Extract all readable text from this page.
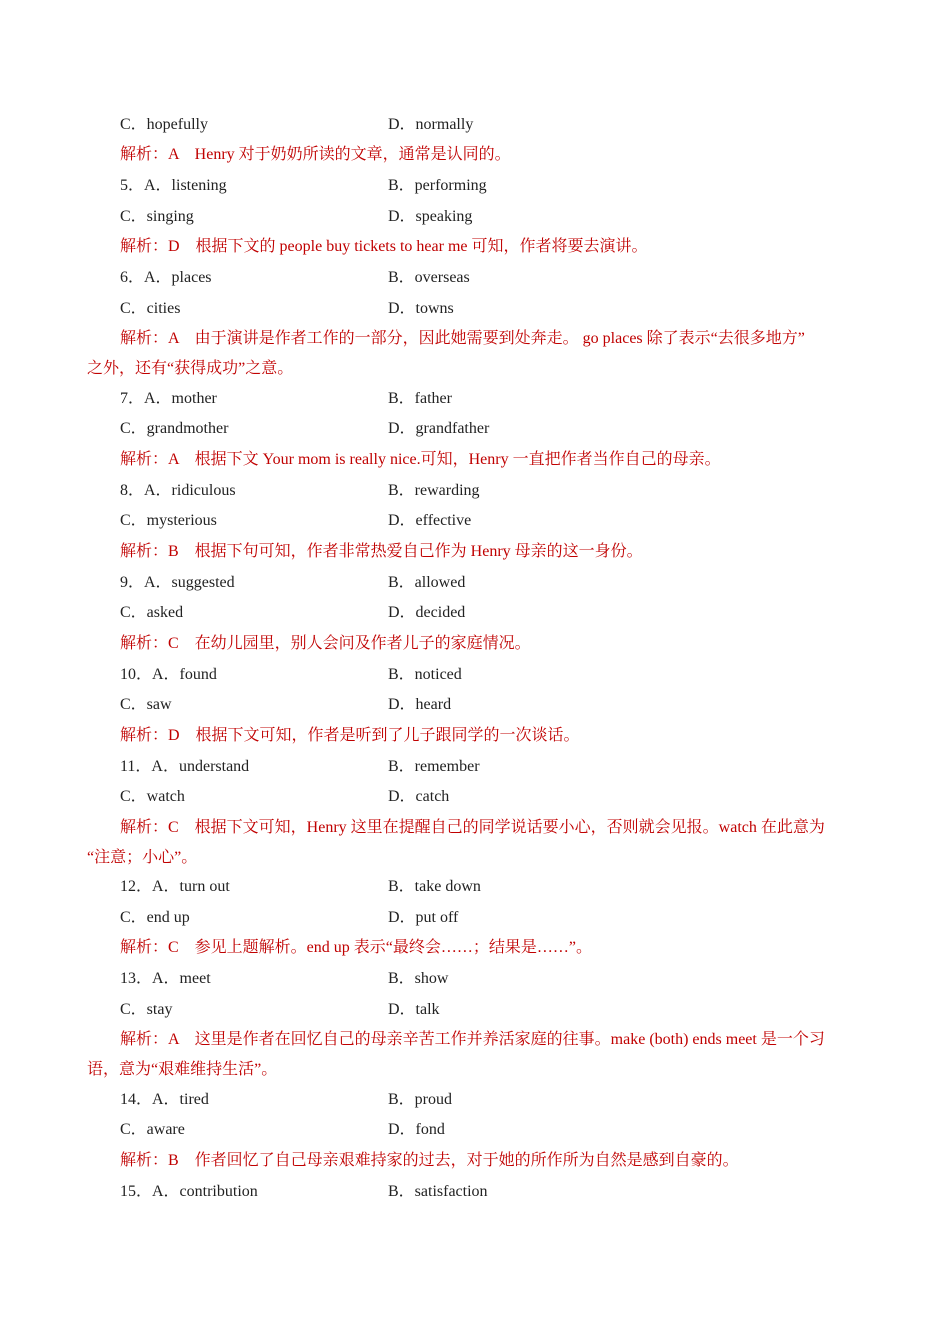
C．hopefully	D．normally
解析：A　Henry 对于奶奶所读的文章，通常是认同的。
5．A．listening	B．performing
C．singing	D．speaking
解析：D　根据下文的 people buy tickets to hear me 可知，作者将要去演讲。
6．A．places	B．overseas
C．cities	D．towns
解析：A　由于演讲是作者工作的一部分，因此她需要到处奔走。 go places 除了表示“去很多地方”
之外，还有“获得成功”之意。
7．A．mother	B．father
C．grandmother	D．grandfather
解析：A　根据下文 Your mom is really nice.可知，Henry 一直把作者当作自己的母亲。
8．A．ridiculous	B．rewarding
C．mysterious	D．effective
解析：B　根据下句可知，作者非常热爱自己作为 Henry 母亲的这一身份。
9．A．suggested	B．allowed
C．asked	D．decided
解析：C　在幼儿园里，别人会问及作者儿子的家庭情况。
10．A．found	B．noticed
C．saw	D．heard
解析：D　根据下文可知，作者是听到了儿子跟同学的一次谈话。
11．A．understand	B．remember
C．watch	D．catch
解析：C　根据下文可知，Henry 这里在提醒自己的同学说话要小心，否则就会见报。watch 在此意为
“注意；小心”。
12．A．turn out	B．take down
C．end up	D．put off
解析：C　参见上题解析。end up 表示“最终会……；结果是……”。
13．A．meet	B．show
C．stay	D．talk
解析：A　这里是作者在回忆自己的母亲辛苦工作并养活家庭的往事。make (both) ends meet 是一个习
语，意为“艰难维持生活”。
14．A．tired	B．proud
C．aware	D．fond
解析：B　作者回忆了自己母亲艰难持家的过去，对于她的所作所为自然是感到自豪的。
15．A．contribution	B．satisfaction
